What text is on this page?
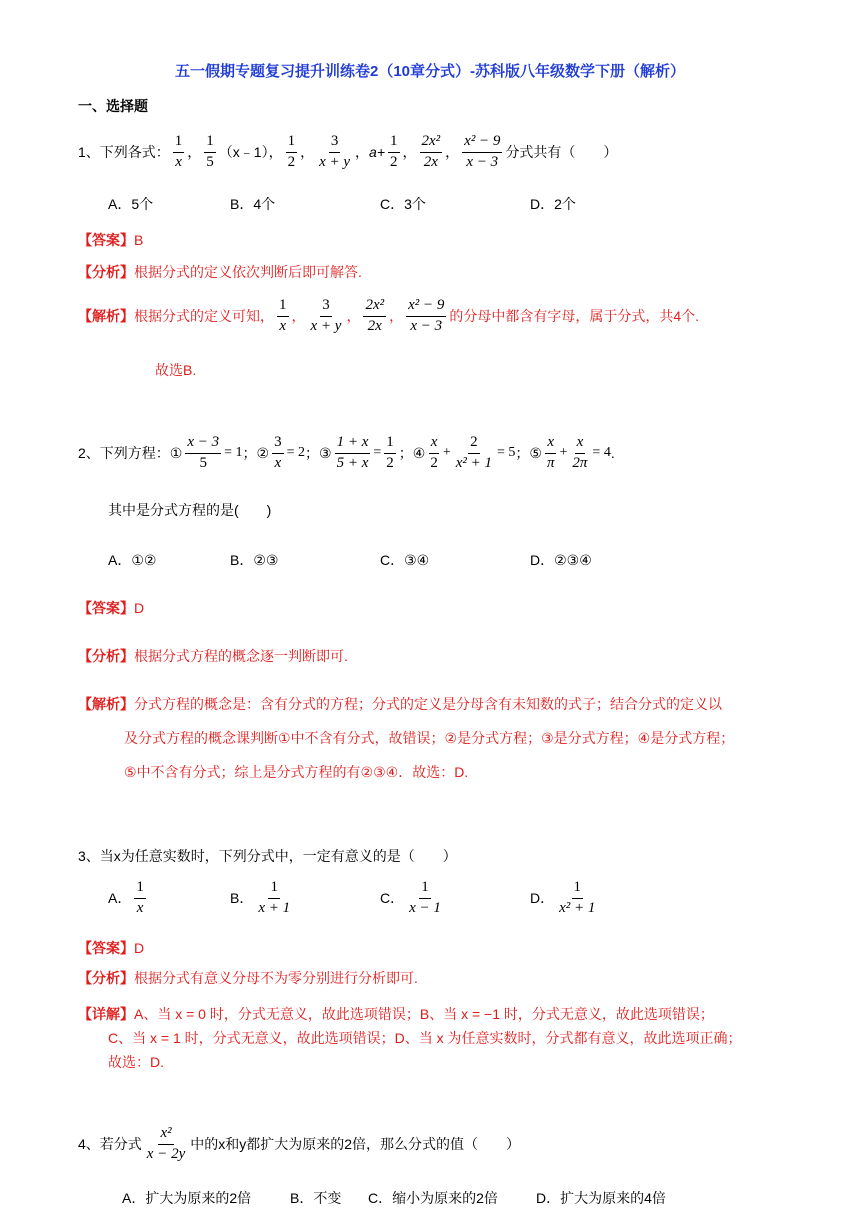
五一假期专题复习提升训练卷2（10章分式）-苏科版八年级数学下册（解析）
一、选择题
1、 下列各式： $\frac{1}{x}$ ， $\frac{1}{5}$ （x﹣1）， $\frac{1}{2}$ ， $\frac{3}{x + y}$ ， $a+ \frac{1}{2}$ ， $\frac{\text{2x²}}{2x}$ ， $\frac{\text{x² − 9}}{x - 3}$ 分式共有（　　）
A．5个	B．4个	C．3个	D．2个
【答案】B
【分析】根据分式的定义依次判断后即可解答.
【解析】 根据分式的定义可知， $\frac{1}{x}$ ， $\frac{3}{x + y}$ ， $\frac{\text{2x²}}{2x}$ ， $\frac{\text{x² − 9}}{x - 3}$ 的分母中都含有字母，属于分式，共4个.
故选B.
2、 下列方程： ① $\frac{x - 3}{5} = 1$ ； ② $\frac{3}{x} = 2$ ； ③ $\frac{1 + x}{5 + x} = \frac{1}{2}$ ； ④ $\frac{x}{2} + \frac{2}{\text{x² + 1}} = 5$ ； ⑤ $\frac{x}{\pi} + \frac{x}{2\pi} = 4$ .
其中是分式方程的是(　　)
A．①②	B．②③	C．③④	D．②③④
【答案】D
【分析】根据分式方程的概念逐一判断即可.
【解析】分式方程的概念是：含有分式的方程；分式的定义是分母含有未知数的式子；结合分式的定义以
及分式方程的概念课判断①中不含有分式，故错误；②是分式方程；③是分式方程；④是分式方程；
⑤中不含有分式；综上是分式方程的有②③④．故选：D.
3、当x为任意实数时，下列分式中，一定有意义的是（　　）
A． $\frac{1}{x}$	B． $\frac{1}{x + 1}$	C． $\frac{1}{x - 1}$	D． $\frac{1}{\text{x² + 1}}$
【答案】D
【分析】根据分式有意义分母不为零分别进行分析即可.
【详解】A、当 x = 0 时，分式无意义，故此选项错误；B、当 x = −1 时，分式无意义，故此选项错误；
C、当 x = 1 时，分式无意义，故此选项错误；D、当 x 为任意实数时，分式都有意义，故此选项正确；
故选：D.
4、 若分式 $\frac{\text{x²}}{x - 2y}$ 中的x和y都扩大为原来的2倍，那么分式的值（　　）
A．扩大为原来的2倍	B．不变 C．缩小为原来的2倍	D．扩大为原来的4倍
